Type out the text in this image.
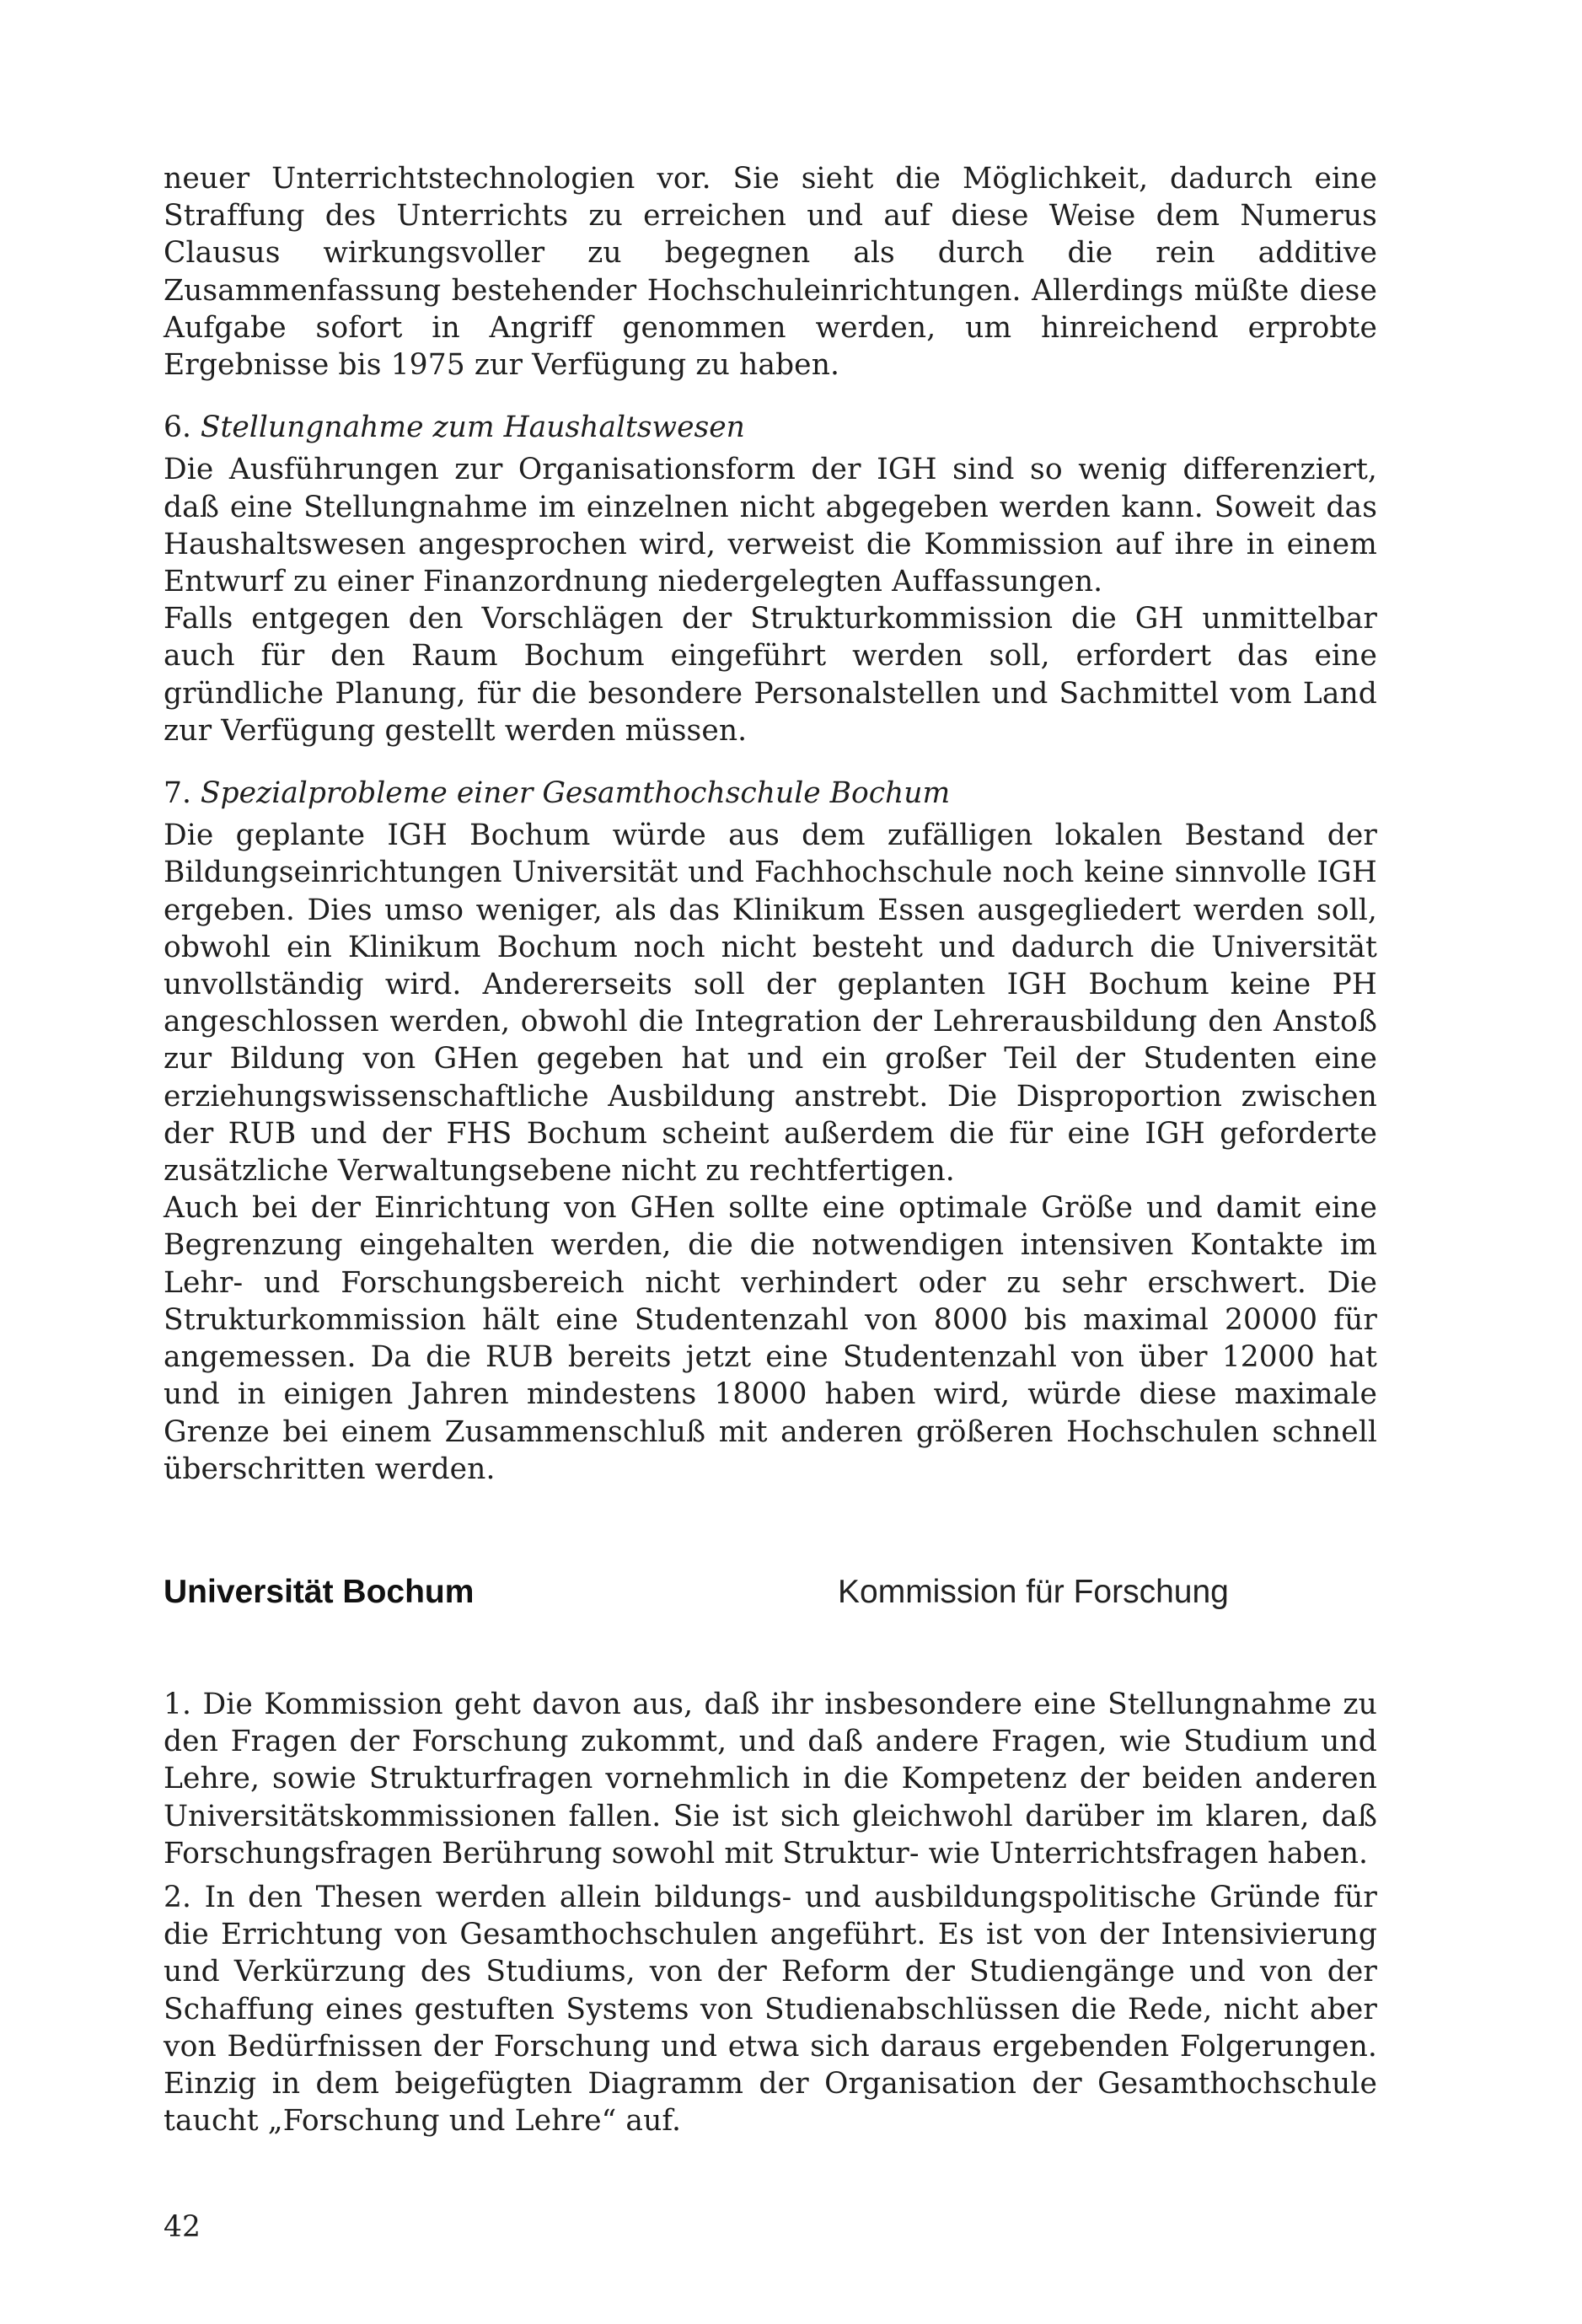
neuer Unterrichtstechnologien vor. Sie sieht die Möglichkeit, dadurch eine Straffung des Unterrichts zu erreichen und auf diese Weise dem Numerus Clausus wirkungsvoller zu begegnen als durch die rein additive Zusammenfassung bestehender Hochschuleinrichtungen. Allerdings müßte diese Aufgabe sofort in Angriff genommen werden, um hinreichend erprobte Ergebnisse bis 1975 zur Verfügung zu haben.

6. Stellungnahme zum Haushaltswesen

Die Ausführungen zur Organisationsform der IGH sind so wenig differenziert, daß eine Stellungnahme im einzelnen nicht abgegeben werden kann. Soweit das Haushaltswesen angesprochen wird, verweist die Kommission auf ihre in einem Entwurf zu einer Finanzordnung niedergelegten Auffassungen.

Falls entgegen den Vorschlägen der Strukturkommission die GH unmittelbar auch für den Raum Bochum eingeführt werden soll, erfordert das eine gründliche Planung, für die besondere Personalstellen und Sachmittel vom Land zur Verfügung gestellt werden müssen.

7. Spezialprobleme einer Gesamthochschule Bochum

Die geplante IGH Bochum würde aus dem zufälligen lokalen Bestand der Bildungseinrichtungen Universität und Fachhochschule noch keine sinnvolle IGH ergeben. Dies umso weniger, als das Klinikum Essen ausgegliedert werden soll, obwohl ein Klinikum Bochum noch nicht besteht und dadurch die Universität unvollständig wird. Andererseits soll der geplanten IGH Bochum keine PH angeschlossen werden, obwohl die Integration der Lehrerausbildung den Anstoß zur Bildung von GHen gegeben hat und ein großer Teil der Studenten eine erziehungswissenschaftliche Ausbildung anstrebt. Die Disproportion zwischen der RUB und der FHS Bochum scheint außerdem die für eine IGH geforderte zusätzliche Verwaltungsebene nicht zu rechtfertigen.

Auch bei der Einrichtung von GHen sollte eine optimale Größe und damit eine Begrenzung eingehalten werden, die die notwendigen intensiven Kontakte im Lehr- und Forschungsbereich nicht verhindert oder zu sehr erschwert. Die Strukturkommission hält eine Studentenzahl von 8000 bis maximal 20000 für angemessen. Da die RUB bereits jetzt eine Studentenzahl von über 12000 hat und in einigen Jahren mindestens 18000 haben wird, würde diese maximale Grenze bei einem Zusammenschluß mit anderen größeren Hochschulen schnell überschritten werden.

Universität Bochum	Kommission für Forschung

1. Die Kommission geht davon aus, daß ihr insbesondere eine Stellungnahme zu den Fragen der Forschung zukommt, und daß andere Fragen, wie Studium und Lehre, sowie Strukturfragen vornehmlich in die Kompetenz der beiden anderen Universitätskommissionen fallen. Sie ist sich gleichwohl darüber im klaren, daß Forschungsfragen Berührung sowohl mit Struktur- wie Unterrichtsfragen haben.

2. In den Thesen werden allein bildungs- und ausbildungspolitische Gründe für die Errichtung von Gesamthochschulen angeführt. Es ist von der Intensivierung und Verkürzung des Studiums, von der Reform der Studiengänge und von der Schaffung eines gestuften Systems von Studienabschlüssen die Rede, nicht aber von Bedürfnissen der Forschung und etwa sich daraus ergebenden Folgerungen. Einzig in dem beigefügten Diagramm der Organisation der Gesamthochschule taucht „Forschung und Lehre“ auf.

42
